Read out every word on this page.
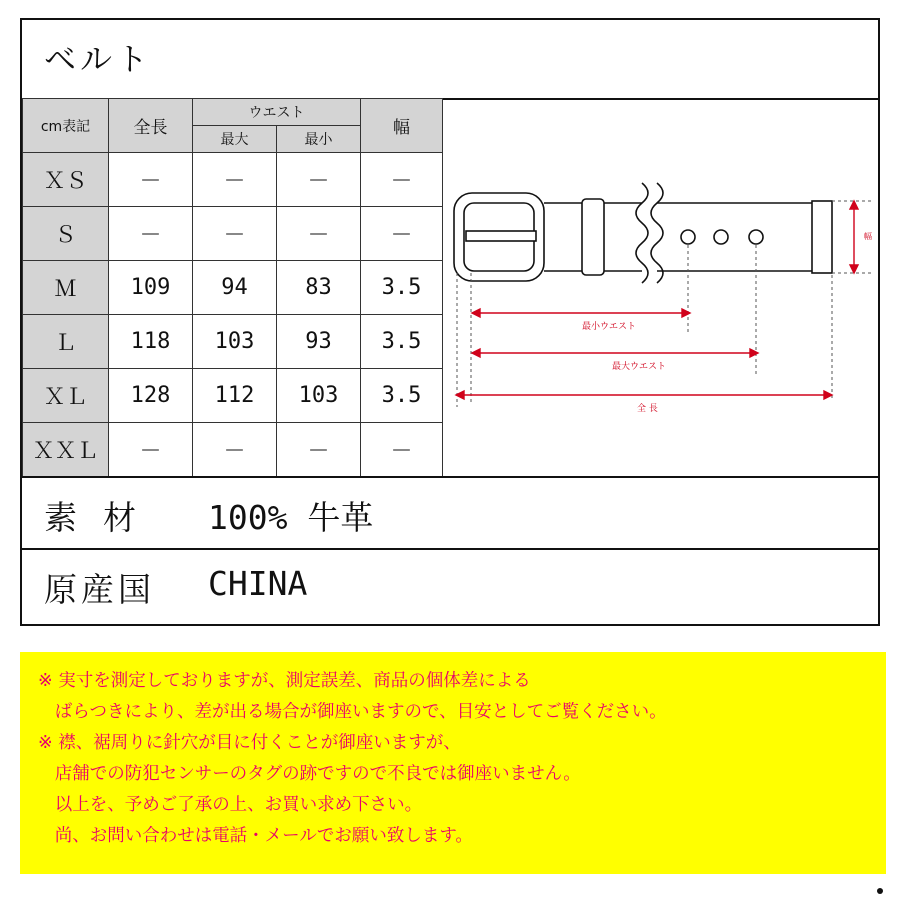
ベルト
cm表記	全長	ウエスト		幅
		最大	最小	
ＸＳ	－	－	－	－
Ｓ	－	－	－	－
Ｍ	109	94	83	3.5
Ｌ	118	103	93	3.5
ＸＬ	128	112	103	3.5
ＸＸＬ	－	－	－	－
最小ウエスト
最大ウエスト
全 長
幅
素材 100% 牛革
原産国 CHINA

※ 実寸を測定しておりますが、測定誤差、商品の個体差による

ばらつきにより、差が出る場合が御座いますので、目安としてご覧ください。

※ 襟、裾周りに針穴が目に付くことが御座いますが、

店舗での防犯センサーのタグの跡ですので不良では御座いません。

以上を、予めご了承の上、お買い求め下さい。

尚、お問い合わせは電話・メールでお願い致します。
